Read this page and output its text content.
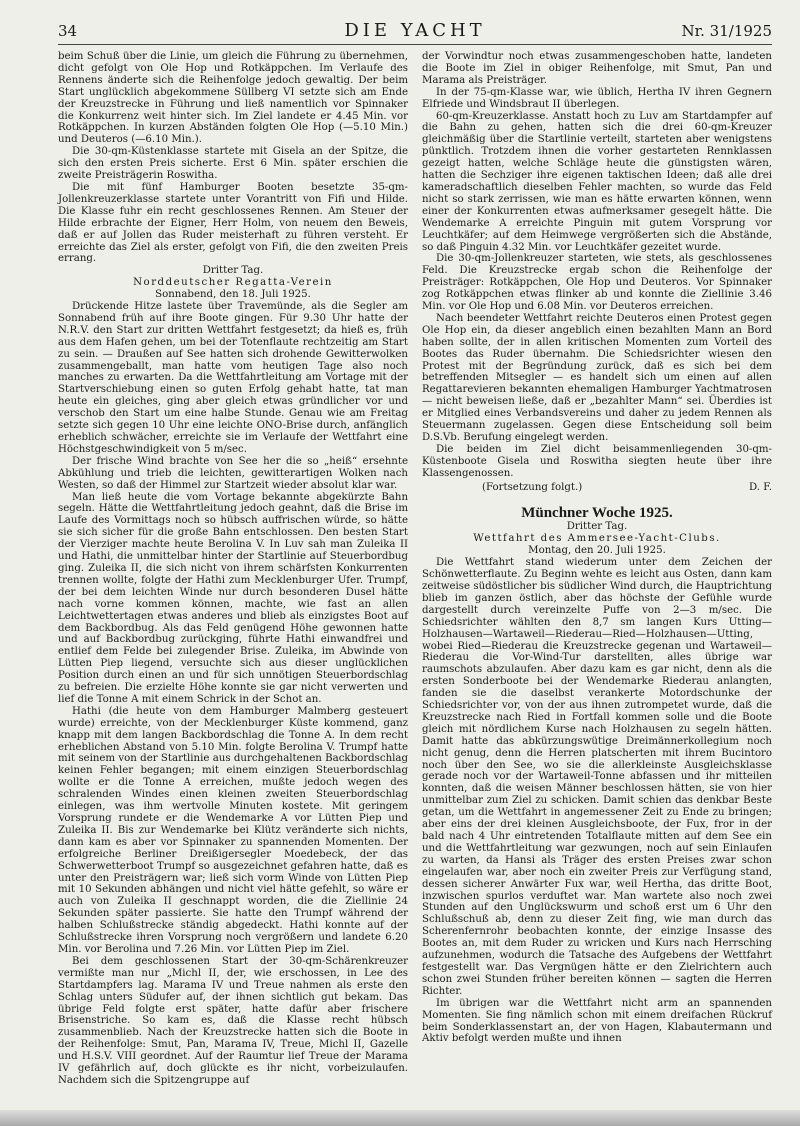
34	DIE YACHT	Nr. 31/1925

beim Schuß über die Linie, um gleich die Führung zu übernehmen, dicht gefolgt von Ole Hop und Rotkäppchen. Im Verlaufe des Rennens änderte sich die Reihenfolge jedoch gewaltig. Der beim Start unglücklich abgekommene Süllberg VI setzte sich am Ende der Kreuzstrecke in Führung und ließ namentlich vor Spinnaker die Konkurrenz weit hinter sich. Im Ziel landete er 4.45 Min. vor Rotkäppchen. In kurzen Abständen folgten Ole Hop (—5.10 Min.) und Deuteros (—6.10 Min.).

Die 30-qm-Küstenklasse startete mit Gisela an der Spitze, die sich den ersten Preis sicherte. Erst 6 Min. später erschien die zweite Preisträgerin Roswitha.

Die mit fünf Hamburger Booten besetzte 35-qm-Jollenkreuzerklasse startete unter Vorantritt von Fifi und Hilde. Die Klasse fuhr ein recht geschlossenes Rennen. Am Steuer der Hilde erbrachte der Eigner, Herr Holm, von neuem den Beweis, daß er auf Jollen das Ruder meisterhaft zu führen versteht. Er erreichte das Ziel als erster, gefolgt von Fifi, die den zweiten Preis errang.

Dritter Tag.

Norddeutscher Regatta-Verein

Sonnabend, den 18. Juli 1925.

Drückende Hitze lastete über Travemünde, als die Segler am Sonnabend früh auf ihre Boote gingen. Für 9.30 Uhr hatte der N.R.V. den Start zur dritten Wettfahrt festgesetzt; da hieß es, früh aus dem Hafen gehen, um bei der Totenflaute rechtzeitig am Start zu sein. — Draußen auf See hatten sich drohende Gewitterwolken zusammengeballt, man hatte vom heutigen Tage also noch manches zu erwarten. Da die Wettfahrtleitung am Vortage mit der Startverschiebung einen so guten Erfolg gehabt hatte, tat man heute ein gleiches, ging aber gleich etwas gründlicher vor und verschob den Start um eine halbe Stunde. Genau wie am Freitag setzte sich gegen 10 Uhr eine leichte ONO-Brise durch, anfänglich erheblich schwächer, erreichte sie im Verlaufe der Wettfahrt eine Höchstgeschwindigkeit von 5 m/sec.

Der frische Wind brachte von See her die so „heiß“ ersehnte Abkühlung und trieb die leichten, gewitterartigen Wolken nach Westen, so daß der Himmel zur Startzeit wieder absolut klar war.

Man ließ heute die vom Vortage bekannte abgekürzte Bahn segeln. Hätte die Wettfahrtleitung jedoch geahnt, daß die Brise im Laufe des Vormittags noch so hübsch auffrischen würde, so hätte sie sich sicher für die große Bahn entschlossen. Den besten Start der Vierziger machte heute Berolina V. In Luv sah man Zuleika II und Hathi, die unmittelbar hinter der Startlinie auf Steuerbordbug ging. Zuleika II, die sich nicht von ihrem schärfsten Konkurrenten trennen wollte, folgte der Hathi zum Mecklenburger Ufer. Trumpf, der bei dem leichten Winde nur durch besonderen Dusel hätte nach vorne kommen können, machte, wie fast an allen Leichtwettertagen etwas anderes und blieb als einzigstes Boot auf dem Backbordbug. Als das Feld genügend Höhe gewonnen hatte und auf Backbordbug zurückging, führte Hathi einwandfrei und entlief dem Felde bei zulegender Brise. Zuleika, im Abwinde von Lütten Piep liegend, versuchte sich aus dieser unglücklichen Position durch einen an und für sich unnötigen Steuerbordschlag zu befreien. Die erzielte Höhe konnte sie gar nicht verwerten und lief die Tonne A mit einem Schrick in der Schot an.

Hathi (die heute von dem Hamburger Malmberg gesteuert wurde) erreichte, von der Mecklenburger Küste kommend, ganz knapp mit dem langen Backbordschlag die Tonne A. In dem recht erheblichen Abstand von 5.10 Min. folgte Berolina V. Trumpf hatte mit seinem von der Startlinie aus durchgehaltenen Backbordschlag keinen Fehler begangen; mit einem einzigen Steuerbordschlag wollte er die Tonne A erreichen, mußte jedoch wegen des schralenden Windes einen kleinen zweiten Steuerbordschlag einlegen, was ihm wertvolle Minuten kostete. Mit geringem Vorsprung rundete er die Wendemarke A vor Lütten Piep und Zuleika II. Bis zur Wendemarke bei Klütz veränderte sich nichts, dann kam es aber vor Spinnaker zu spannenden Momenten. Der erfolgreiche Berliner Dreißigersegler Moedebeck, der das Schwerwetterboot Trumpf so ausgezeichnet gefahren hatte, daß es unter den Preisträgern war; ließ sich vorm Winde von Lütten Piep mit 10 Sekunden abhängen und nicht viel hätte gefehlt, so wäre er auch von Zuleika II geschnappt worden, die die Ziellinie 24 Sekunden später passierte. Sie hatte den Trumpf während der halben Schlußstrecke ständig abgedeckt. Hathi konnte auf der Schlußstrecke ihren Vorsprung noch vergrößern und landete 6.20 Min. vor Berolina und 7.26 Min. vor Lütten Piep im Ziel.

Bei dem geschlossenen Start der 30-qm-Schärenkreuzer vermißte man nur „Michl II, der, wie erschossen, in Lee des Startdampfers lag. Marama IV und Treue nahmen als erste den Schlag unters Südufer auf, der ihnen sichtlich gut bekam. Das übrige Feld folgte erst später, hatte dafür aber frischere Brisenstriche. So kam es, daß die Klasse recht hübsch zusammenblieb. Nach der Kreuzstrecke hatten sich die Boote in der Reihenfolge: Smut, Pan, Marama IV, Treue, Michl II, Gazelle und H.S.V. VIII geordnet. Auf der Raumtur lief Treue der Marama IV gefährlich auf, doch glückte es ihr nicht, vorbeizulaufen. Nachdem sich die Spitzengruppe auf

der Vorwindtur noch etwas zusammengeschoben hatte, landeten die Boote im Ziel in obiger Reihenfolge, mit Smut, Pan und Marama als Preisträger.

In der 75-qm-Klasse war, wie üblich, Hertha IV ihren Gegnern Elfriede und Windsbraut II überlegen.

60-qm-Kreuzerklasse. Anstatt hoch zu Luv am Startdampfer auf die Bahn zu gehen, hatten sich die drei 60-qm-Kreuzer gleichmäßig über die Startlinie verteilt, starteten aber wenigstens pünktlich. Trotzdem ihnen die vorher gestarteten Rennklassen gezeigt hatten, welche Schläge heute die günstigsten wären, hatten die Sechziger ihre eigenen taktischen Ideen; daß alle drei kameradschaftlich dieselben Fehler machten, so wurde das Feld nicht so stark zerrissen, wie man es hätte erwarten können, wenn einer der Konkurrenten etwas aufmerksamer gesegelt hätte. Die Wendemarke A erreichte Pinguin mit gutem Vorsprung vor Leuchtkäfer; auf dem Heimwege vergrößerten sich die Abstände, so daß Pinguin 4.32 Min. vor Leuchtkäfer gezeitet wurde.

Die 30-qm-Jollenkreuzer starteten, wie stets, als geschlossenes Feld. Die Kreuzstrecke ergab schon die Reihenfolge der Preisträger: Rotkäppchen, Ole Hop und Deuteros. Vor Spinnaker zog Rotkäppchen etwas flinker ab und konnte die Ziellinie 3.46 Min. vor Ole Hop und 6.08 Min. vor Deuteros erreichen.

Nach beendeter Wettfahrt reichte Deuteros einen Protest gegen Ole Hop ein, da dieser angeblich einen bezahlten Mann an Bord haben sollte, der in allen kritischen Momenten zum Vorteil des Bootes das Ruder übernahm. Die Schiedsrichter wiesen den Protest mit der Begründung zurück, daß es sich bei dem betreffenden Mitsegler — es handelt sich um einen auf allen Regattarevieren bekannten ehemaligen Hamburger Yachtmatrosen — nicht beweisen ließe, daß er „bezahlter Mann“ sei. Überdies ist er Mitglied eines Verbandsvereins und daher zu jedem Rennen als Steuermann zugelassen. Gegen diese Entscheidung soll beim D.S.Vb. Berufung eingelegt werden.

Die beiden im Ziel dicht beisammenliegenden 30-qm-Küstenboote Gisela und Roswitha siegten heute über ihre Klassengenossen.

(Fortsetzung folgt.)	D. F.
Münchner Woche 1925.

Dritter Tag.

Wettfahrt des Ammersee-Yacht-Clubs.

Montag, den 20. Juli 1925.

Die Wettfahrt stand wiederum unter dem Zeichen der Schönwetterflaute. Zu Beginn wehte es leicht aus Osten, dann kam zeitweise südöstlicher bis südlicher Wind durch, die Hauptrichtung blieb im ganzen östlich, aber das höchste der Gefühle wurde dargestellt durch vereinzelte Puffe von 2—3 m/sec. Die Schiedsrichter wählten den 8,7 sm langen Kurs Utting—Holzhausen—Wartaweil—Riederau—Ried—Holzhausen—Utting, wobei Ried—Riederau die Kreuzstrecke gegenan und Wartaweil—Riederau die Vor-Wind-Tur darstellten, alles übrige war raumschots abzulaufen. Aber dazu kam es gar nicht, denn als die ersten Sonderboote bei der Wendemarke Riederau anlangten, fanden sie die daselbst verankerte Motordschunke der Schiedsrichter vor, von der aus ihnen zutrompetet wurde, daß die Kreuzstrecke nach Ried in Fortfall kommen solle und die Boote gleich mit nördlichem Kurse nach Holzhausen zu segeln hätten. Damit hatte das abkürzungswütige Dreimännerkollegium noch nicht genug, denn die Herren platscherten mit ihrem Bucintoro noch über den See, wo sie die allerkleinste Ausgleichsklasse gerade noch vor der Wartaweil-Tonne abfassen und ihr mitteilen konnten, daß die weisen Männer beschlossen hätten, sie von hier unmittelbar zum Ziel zu schicken. Damit schien das denkbar Beste getan, um die Wettfahrt in angemessener Zeit zu Ende zu bringen; aber eins der drei kleinen Ausgleichsboote, der Fux, fror in der bald nach 4 Uhr eintretenden Totalflaute mitten auf dem See ein und die Wettfahrtleitung war gezwungen, noch auf sein Einlaufen zu warten, da Hansi als Träger des ersten Preises zwar schon eingelaufen war, aber noch ein zweiter Preis zur Verfügung stand, dessen sicherer Anwärter Fux war, weil Hertha, das dritte Boot, inzwischen spurlos verduftet war. Man wartete also noch zwei Stunden auf den Unglückswurm und schoß erst um 6 Uhr den Schlußschuß ab, denn zu dieser Zeit fing, wie man durch das Scherenfernrohr beobachten konnte, der einzige Insasse des Bootes an, mit dem Ruder zu wricken und Kurs nach Herrsching aufzunehmen, wodurch die Tatsache des Aufgebens der Wettfahrt festgestellt war. Das Vergnügen hätte er den Zielrichtern auch schon zwei Stunden früher bereiten können — sagten die Herren Richter.

Im übrigen war die Wettfahrt nicht arm an spannenden Momenten. Sie fing nämlich schon mit einem dreifachen Rückruf beim Sonderklassenstart an, der von Hagen, Klabautermann und Aktiv befolgt werden mußte und ihnen
